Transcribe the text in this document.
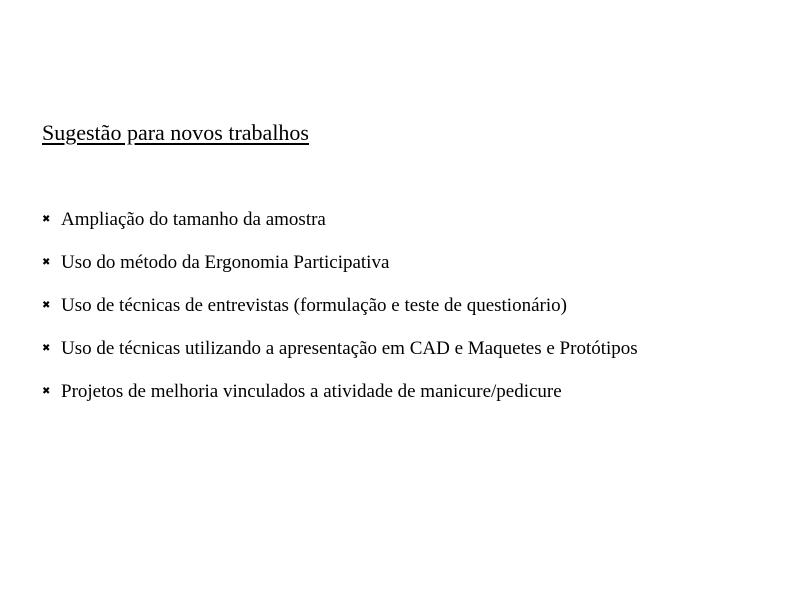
Sugestão para novos trabalhos
✖ Ampliação do tamanho da amostra
✖ Uso do método da Ergonomia Participativa
✖ Uso de técnicas de entrevistas (formulação e teste de questionário)
✖ Uso de técnicas utilizando a apresentação em CAD e Maquetes e Protótipos
✖ Projetos de melhoria vinculados a atividade de manicure/pedicure
